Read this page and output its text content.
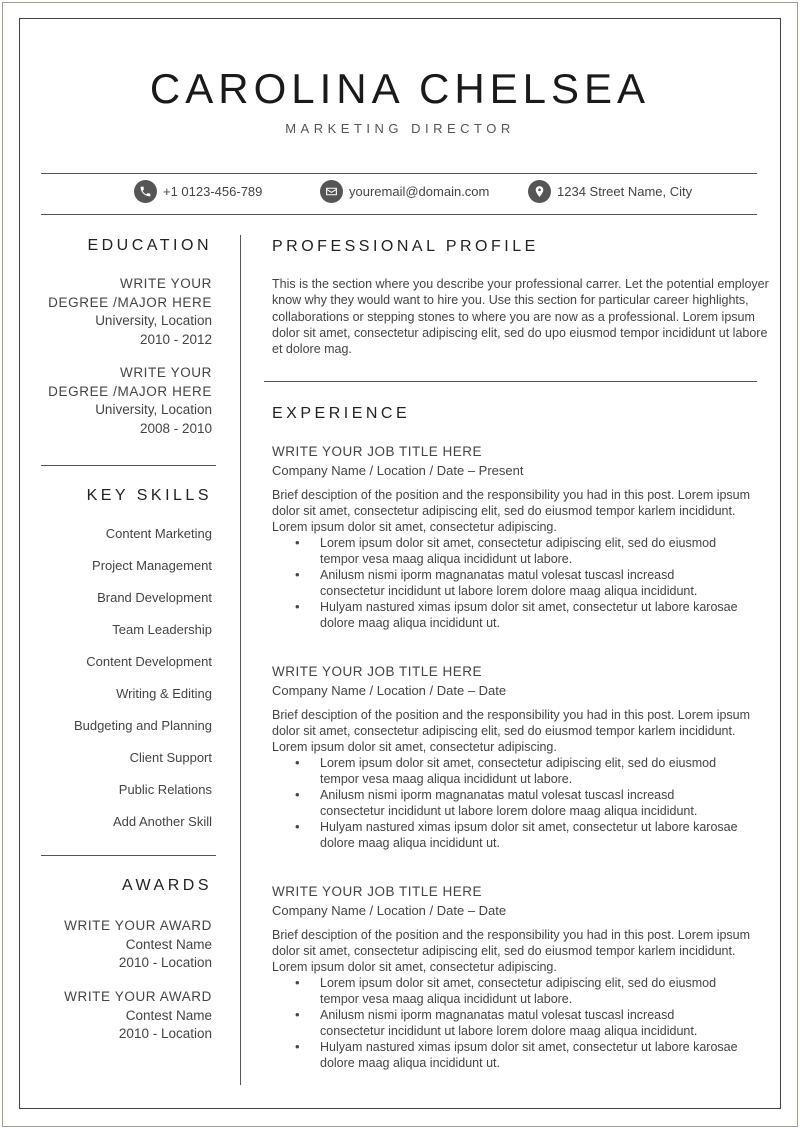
CAROLINA CHELSEA
MARKETING DIRECTOR
+1 0123-456-789	youremail@domain.com	1234 Street Name, City
EDUCATION
WRITE YOUR
DEGREE /MAJOR HERE
University, Location
2010 - 2012
WRITE YOUR
DEGREE /MAJOR HERE
University, Location
2008 - 2010
KEY SKILLS
Content Marketing
Project Management
Brand Development
Team Leadership
Content Development
Writing & Editing
Budgeting and Planning
Client Support
Public Relations
Add Another Skill
AWARDS
WRITE YOUR AWARD
Contest Name
2010 - Location
WRITE YOUR AWARD
Contest Name
2010 - Location
PROFESSIONAL PROFILE
This is the section where you describe your professional carrer. Let the potential employer know why they would want to hire you. Use this section for particular career highlights, collaborations or stepping stones to where you are now as a professional. Lorem ipsum dolor sit amet, consectetur adipiscing elit, sed do upo eiusmod tempor incididunt ut labore et dolore mag.
EXPERIENCE
WRITE YOUR JOB TITLE HERE
Company Name / Location / Date – Present
Brief desciption of the position and the responsibility you had in this post. Lorem ipsum dolor sit amet, consectetur adipiscing elit, sed do eiusmod tempor karlem incididunt. Lorem ipsum dolor sit amet, consectetur adipiscing.
• Lorem ipsum dolor sit amet, consectetur adipiscing elit, sed do eiusmod tempor vesa maag aliqua incididunt ut labore.
• Anilusm nismi iporm magnanatas matul volesat tuscasl increasd consectetur incididunt ut labore lorem dolore maag aliqua incididunt.
• Hulyam nastured ximas ipsum dolor sit amet, consectetur ut labore karosae dolore maag aliqua incididunt ut.
WRITE YOUR JOB TITLE HERE
Company Name / Location / Date – Date
Brief desciption of the position and the responsibility you had in this post. Lorem ipsum dolor sit amet, consectetur adipiscing elit, sed do eiusmod tempor karlem incididunt. Lorem ipsum dolor sit amet, consectetur adipiscing.
• Lorem ipsum dolor sit amet, consectetur adipiscing elit, sed do eiusmod tempor vesa maag aliqua incididunt ut labore.
• Anilusm nismi iporm magnanatas matul volesat tuscasl increasd consectetur incididunt ut labore lorem dolore maag aliqua incididunt.
• Hulyam nastured ximas ipsum dolor sit amet, consectetur ut labore karosae dolore maag aliqua incididunt ut.
WRITE YOUR JOB TITLE HERE
Company Name / Location / Date – Date
Brief desciption of the position and the responsibility you had in this post. Lorem ipsum dolor sit amet, consectetur adipiscing elit, sed do eiusmod tempor karlem incididunt. Lorem ipsum dolor sit amet, consectetur adipiscing.
• Lorem ipsum dolor sit amet, consectetur adipiscing elit, sed do eiusmod tempor vesa maag aliqua incididunt ut labore.
• Anilusm nismi iporm magnanatas matul volesat tuscasl increasd consectetur incididunt ut labore lorem dolore maag aliqua incididunt.
• Hulyam nastured ximas ipsum dolor sit amet, consectetur ut labore karosae dolore maag aliqua incididunt ut.
